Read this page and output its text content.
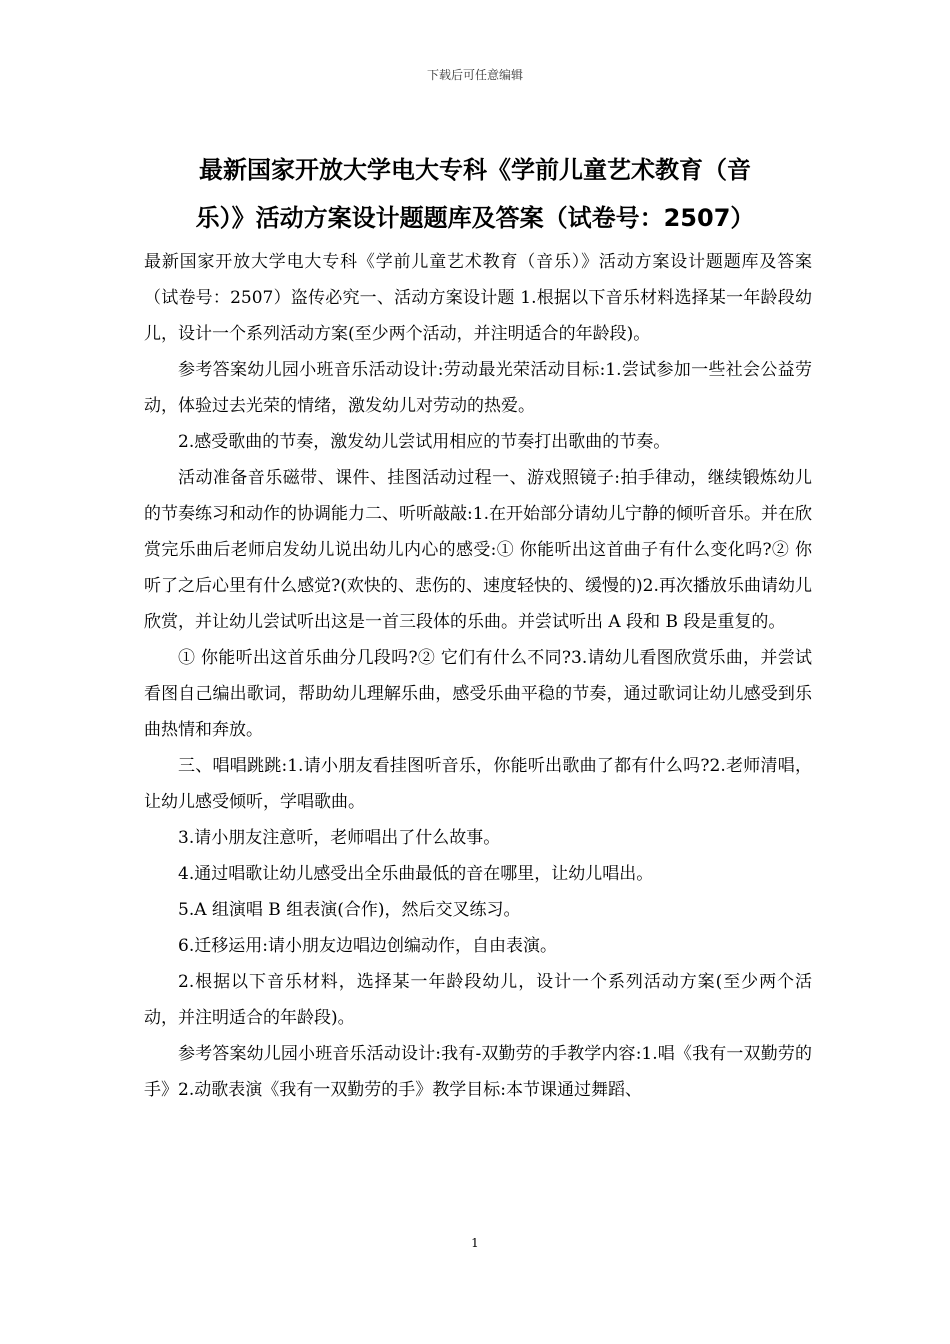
下载后可任意编辑
最新国家开放大学电大专科《学前儿童艺术教育（音
乐）》活动方案设计题题库及答案（试卷号：2507）

最新国家开放大学电大专科《学前儿童艺术教育（音乐）》活动方案设计题题库及答案（试卷号：2507）盗传必究一、活动方案设计题 1.根据以下音乐材料选择某一年龄段幼儿，设计一个系列活动方案(至少两个活动，并注明适合的年龄段)。

参考答案幼儿园小班音乐活动设计:劳动最光荣活动目标:1.尝试参加一些社会公益劳动，体验过去光荣的情绪，激发幼儿对劳动的热爱。

2.感受歌曲的节奏，激发幼儿尝试用相应的节奏打出歌曲的节奏。

活动准备音乐磁带、课件、挂图活动过程一、游戏照镜子:拍手律动，继续锻炼幼儿的节奏练习和动作的协调能力二、听听敲敲:1.在开始部分请幼儿宁静的倾听音乐。并在欣赏完乐曲后老师启发幼儿说出幼儿内心的感受:① 你能听出这首曲子有什么变化吗?② 你听了之后心里有什么感觉?(欢快的、悲伤的、速度轻快的、缓慢的)2.再次播放乐曲请幼儿欣赏，并让幼儿尝试听出这是一首三段体的乐曲。并尝试听出 A 段和 B 段是重复的。

① 你能听出这首乐曲分几段吗?② 它们有什么不同?3.请幼儿看图欣赏乐曲，并尝试看图自己编出歌词，帮助幼儿理解乐曲，感受乐曲平稳的节奏，通过歌词让幼儿感受到乐曲热情和奔放。

三、唱唱跳跳:1.请小朋友看挂图听音乐，你能听出歌曲了都有什么吗?2.老师清唱，让幼儿感受倾听，学唱歌曲。

3.请小朋友注意听，老师唱出了什么故事。

4.通过唱歌让幼儿感受出全乐曲最低的音在哪里，让幼儿唱出。

5.A 组演唱 B 组表演(合作)，然后交叉练习。

6.迁移运用:请小朋友边唱边创编动作，自由表演。

2.根据以下音乐材料，选择某一年龄段幼儿，设计一个系列活动方案(至少两个活动，并注明适合的年龄段)。

参考答案幼儿园小班音乐活动设计:我有-双勤劳的手教学内容:1.唱《我有一双勤劳的手》2.动歌表演《我有一双勤劳的手》教学目标:本节课通过舞蹈、

1
